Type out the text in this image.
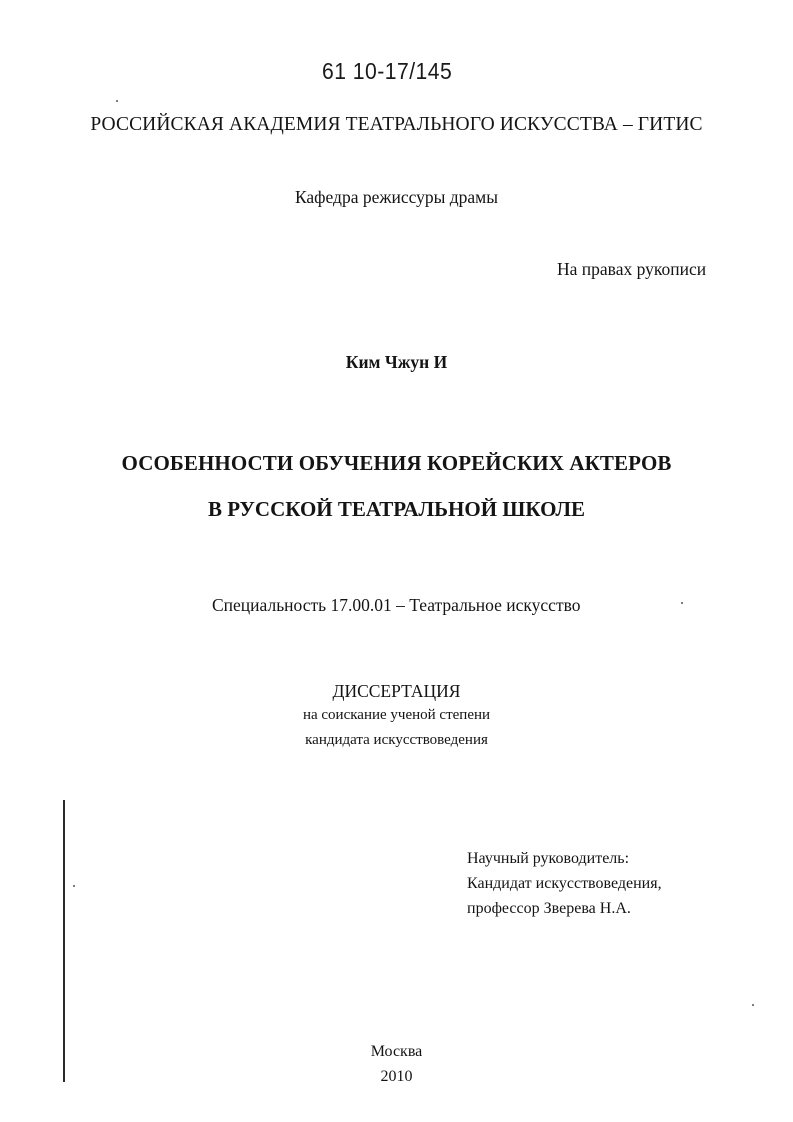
61 10-17/145
РОССИЙСКАЯ АКАДЕМИЯ ТЕАТРАЛЬНОГО ИСКУССТВА – ГИТИС
Кафедра режиссуры драмы
На правах рукописи
Ким Чжун И
ОСОБЕННОСТИ ОБУЧЕНИЯ КОРЕЙСКИХ АКТЕРОВ
В РУССКОЙ ТЕАТРАЛЬНОЙ ШКОЛЕ
Специальность 17.00.01 – Театральное искусство
ДИССЕРТАЦИЯ
на соискание ученой степени
кандидата искусствоведения
Научный руководитель:
Кандидат искусствоведения,
профессор Зверева Н.А.
Москва
2010
